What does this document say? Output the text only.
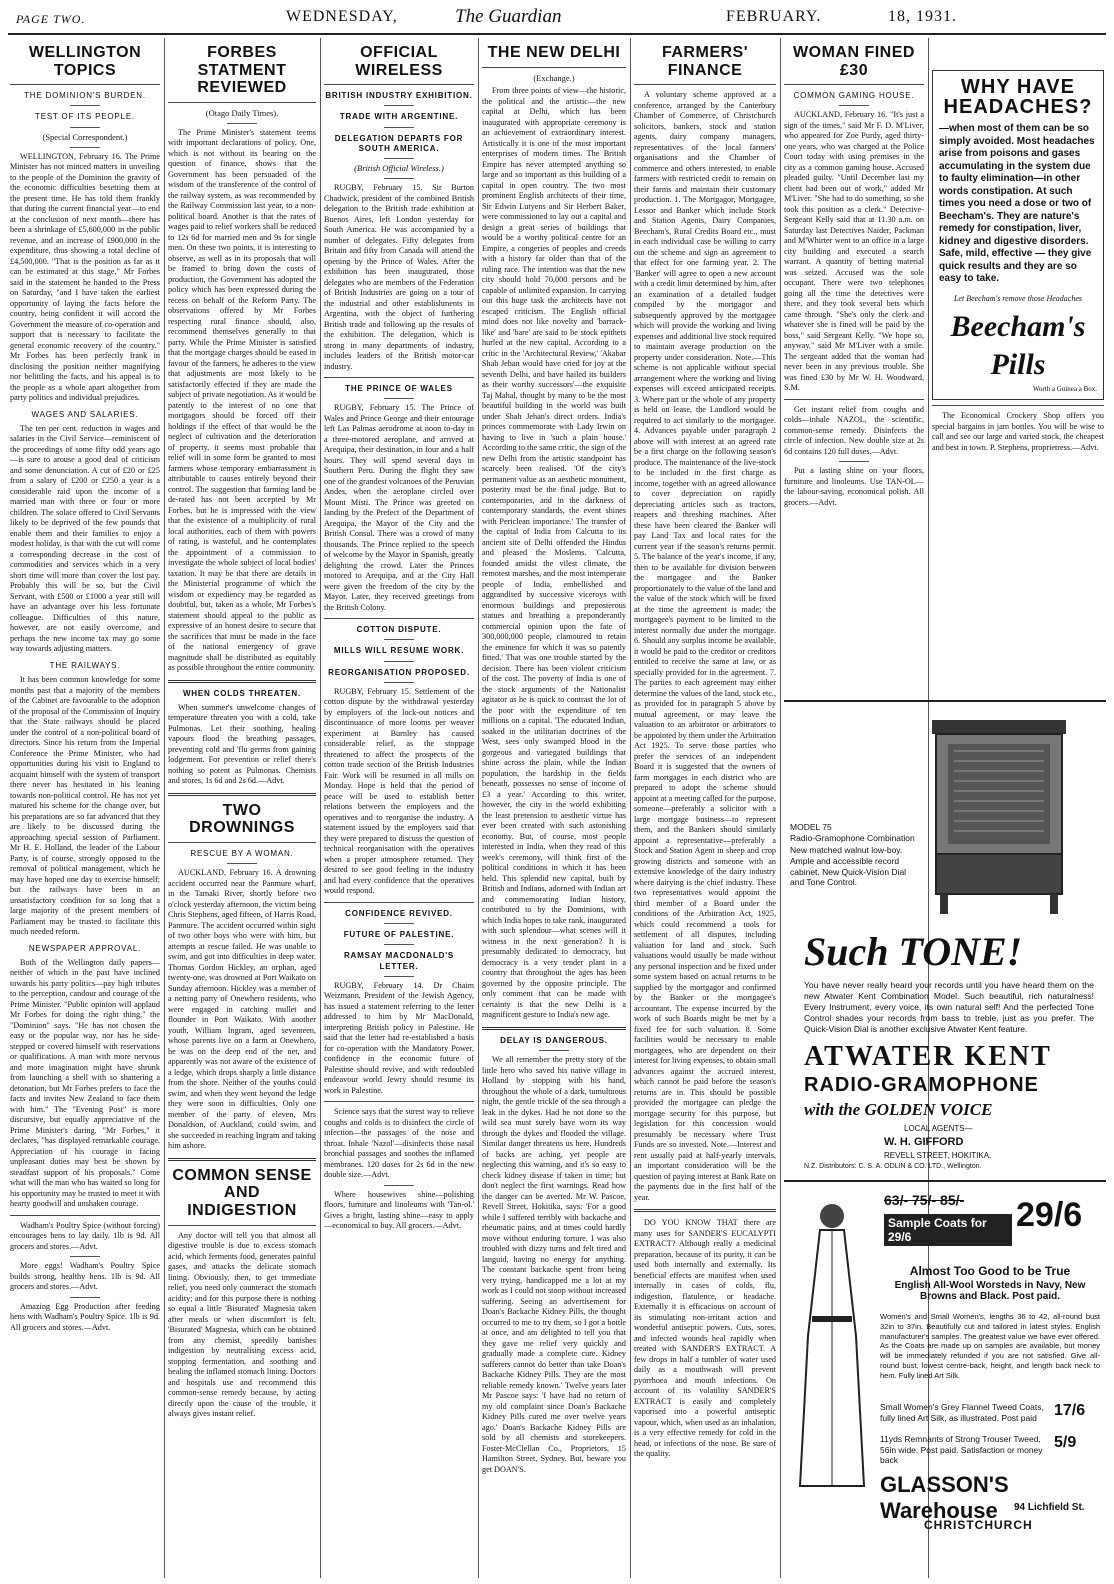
PAGE TWO.	WEDNESDAY,	The Guardian	FEBRUARY.	18, 1931.
WELLINGTON TOPICS
THE DOMINION'S BURDEN.
TEST OF ITS PEOPLE.
(Special Correspondent.)

WELLINGTON, February 16. The Prime Minister has not minced matters in unveiling to the people of the Dominion the gravity of the economic difficulties besetting them at the present time. He has told them frankly that during the current financial year—to end at the conclusion of next month—there has been a shrinkage of £5,600,000 in the public revenue, and an increase of £900,000 in the expenditure, thus showing a total decline of £4,500,000. "That is the position as far as it can be estimated at this stage," Mr Forbes said in the statement he handed to the Press on Saturday, "and I have taken the earliest opportunity of laying the facts before the country, being confident it will accord the Government the measure of co-operation and support that is necessary to facilitate the general economic recovery of the country." Mr Forbes has been perfectly frank in disclosing the position neither magnifying nor belittling the facts, and his appeal is to the people as a whole apart altogether from party politics and individual prejudices.

WAGES AND SALARIES.

The ten per cent. reduction in wages and salaries in the Civil Service—reminiscent of the proceedings of some fifty odd years ago—is sure to arouse a good deal of criticism and some denunciation. A cut of £20 or £25 from a salary of £200 or £250 a year is a considerable raid upon the income of a married man with three or four or more children. The solace offered to Civil Servants likely to be deprived of the few pounds that enable them and their families to enjoy a modest holiday, is that with the cut will come a corresponding decrease in the cost of commodities and services which in a very short time will more than cover the lost pay. Probably this will be so, but the Civil Servant, with £500 or £1000 a year still will have an advantage over his less fortunate colleague. Difficulties of this nature, however, are not easily overcome, and perhaps the new income tax may go some way towards adjusting matters.

THE RAILWAYS.

It has been common knowledge for some months past that a majority of the members of the Cabinet are favourable to the adoption of the proposal of the Commission of Inquiry that the State railways should be placed under the control of a non-political board of directors. Since his return from the Imperial Conference the Prime Minister, who had opportunities during his visit to England to acquaint himself with the system of transport there never has hesitated in his leaning towards non-political control. He has not yet matured his scheme for the change over, but his preparations are so far advanced that they are likely to be discussed during the approaching special session of Parliament. Mr H. E. Holland, the leader of the Labour Party, is of course, strongly opposed to the removal of political management, which he may have hoped one day to exercise himself; but the railways have been in an unsatisfactory condition for so long that a large majority of the present members of Parliament may be trusted to facilitate this much needed reform.

NEWSPAPER APPROVAL.

Both of the Wellington daily papers—neither of which in the past have inclined towards his party politics—pay high tributes to the perception, candour and courage of the Prime Minister. "Public opinion will applaud Mr Forbes for doing the right thing," the "Dominion" says. "He has not chosen the easy or the popular way, nor has he side-stepped or covered himself with reservations or qualifications. A man with more nervous and more imagination might have shrunk from launching a shell with so shattering a detonation, but Mr Forbes prefers to face the facts and invites New Zealand to face them with him." The "Evening Post" is more discursive, but equally appreciative of the Prime Minister's daring. "Mr Forbes," it declares, "has displayed remarkable courage. Appreciation of his courage in facing unpleasant duties may best be shown by steadfast support of his proposals." Come what will the man who has waited so long for his opportunity may be trusted to meet it with hearty goodwill and unshaken courage.

Wadham's Poultry Spice (without forcing) encourages hens to lay daily. 1lb is 9d. All grocers and stores.—Advt.

More eggs! Wadham's Poultry Spice builds strong, healthy hens. 1lb is 9d. All grocers and stores.—Advt.

Amazing Egg Production after feeding hens with Wadham's Poultry Spice. 1lb is 9d. All grocers and stores.—Advt.

FORBES STATMENT REVIEWED
(Otago Daily Times).

The Prime Minister's statement teems with important declarations of policy. One, which is not without its bearing on the question of finance, shows that the Government has been persuaded of the wisdom of the transference of the control of the railway system, as was recommended by the Railway Commission last year, to a non-political board. Another is that the rates of wages paid to relief workers shall be reduced to 12s 6d for married men and 9s for single men. On these two points, it is interesting to observe, as well as in its proposals that will be framed to bring down the costs of production, the Government has adopted the policy which has been expressed during the recess on behalf of the Reform Party. The observations offered by Mr Forbes respecting rural finance should, also, recommend themselves generally to that party. While the Prime Minister is satisfied that the mortgage charges should be eased in favour of the farmers, he adheres to the view that adjustments are most likely to be satisfactorily effected if they are made the subject of private negotiation. As it would be patently to the interest of no one that mortgagors should be forced off their holdings if the effect of that would be the neglect of cultivation and the deterioration of property, it seems most probable that relief will in some form be granted to most farmers whose temporary embarrassment is attributable to causes entirely beyond their control. The suggestion that farming land be de-rated has not been accepted by Mr Forbes, but he is impressed with the view that the existence of a multiplicity of rural local authorities, each of them with powers of rating, is wasteful, and he contemplates the appointment of a commission to investigate the whole subject of local bodies' taxation. It may be that there are details in the Ministerial programme of which the wisdom or expediency may be regarded as doubtful, but, taken as a whole, Mr Forbes's statement should appeal to the public as expressive of an honest desire to secure that the sacrifices that must be made in the face of the national emergency of grave magnitude shall be distributed as equitably as possible throughout the entire community.

WHEN COLDS THREATEN.

When summer's unwelcome changes of temperature threaten you with a cold, take Pulmonas. Let their soothing, healing vapours flood the breathing passages, preventing cold and 'flu germs from gaining lodgement. For prevention or relief there's nothing so potent as Pulmonas. Chemists and stores, 1s 6d and 2s 6d.—Advt.

TWO DROWNINGS
RESCUE BY A WOMAN.

AUCKLAND, February 16. A drowning accident occurred near the Panmure wharf, in the Tamaki River, shortly before two o'clock yesterday afternoon, the victim being Chris Stephens, aged fifteen, of Harris Road, Panmure. The accident occurred within sight of two other boys who were with him, but attempts at rescue failed. He was unable to swim, and got into difficulties in deep water. Thomas Gordon Hickley, an orphan, aged twenty-one, was drowned at Port Waikato on Sunday afternoon. Hickley was a member of a netting party of Onewhero residents, who were engaged in catching mullet and flounder in Port Waikato. With another youth, William Ingram, aged seventeen, whose parents live on a farm at Onewhero, he was on the deep end of the net, and apparently was not aware of the existence of a ledge, which drops sharply a little distance from the shore. Neither of the youths could swim, and when they went beyond the ledge they were soon in difficulties. Only one member of the party of eleven, Mrs Donaldson, of Auckland, could swim, and she succeeded in reaching Ingram and taking him ashore.

COMMON SENSE AND INDIGESTION

Any doctor will tell you that almost all digestive trouble is due to excess stomach acid, which ferments food, generates painful gases, and attacks the delicate stomach lining. Obviously, then, to get immediate relief, you need only counteract the stomach acidity; and for this purpose there is nothing so equal a little 'Bisurated' Magnesia taken after meals or when discomfort is felt. 'Bisurated' Magnesia, which can be obtained from any chemist, speedily banishes indigestion by neutralising excess acid, stopping fermentation, and soothing and healing the inflamed stomach lining. Doctors and hospitals use and recommend this common-sense remedy because, by acting directly upon the cause of the trouble, it always gives instant relief.

OFFICIAL WIRELESS
BRITISH INDUSTRY EXHIBITION.
TRADE WITH ARGENTINE.
DELEGATION DEPARTS FOR SOUTH AMERICA.
(British Official Wireless.)

RUGBY, February 15. Sir Burton Chadwick, president of the combined British delegation to the British trade exhibition at Buenos Aires, left London yesterday for South America. He was accompanied by a number of delegates. Fifty delegates from Britain and fifty from Canada will attend the opening by the Prince of Wales. After the exhibition has been inaugurated, those delegates who are members of the Federation of British Industries are going on a tour of the industrial and other establishments in Argentina, with the object of furthering British trade and following up the results of the exhibition. The delegation, which is strong in many departments of industry, includes leaders of the British motor-car industry.

THE PRINCE OF WALES

RUGBY, February 15. The Prince of Wales and Prince George and their entourage left Las Palmas aerodrome at noon to-day in a three-motored aeroplane, and arrived at Arequipa, their destination, in four and a half hours. They will spend several days in Southern Peru. During the flight they saw one of the grandest volcanoes of the Peruvian Andes, when the aeroplane circled over Mount Misti. The Prince was greeted on landing by the Prefect of the Department of Arequipa, the Mayor of the City and the British Consul. There was a crowd of many thousands. The Prince replied to the speech of welcome by the Mayor in Spanish, greatly delighting the crowd. Later the Princes motored to Arequipa, and at the City Hall were given the freedom of the city by the Mayor. Later, they received greetings from the British Colony.

COTTON DISPUTE.
MILLS WILL RESUME WORK.
REORGANISATION PROPOSED.

RUGBY, February 15. Settlement of the cotton dispute by the withdrawal yesterday by employers of the lock-out notices and discontinuance of more looms per weaver experiment at Burnley has caused considerable relief, as the stoppage threatened to affect the prospects of the cotton trade section of the British Industries Fair. Work will be resumed in all mills on Monday. Hope is held that the period of peace will be used to establish better relations between the employers and the operatives and to reorganise the industry. A statement issued by the employers said that they were prepared to discuss the question of technical reorganisation with the operatives when a proper atmosphere returned. They desired to see good feeling in the industry and had every confidence that the operatives would respond.

CONFIDENCE REVIVED.
FUTURE OF PALESTINE.
RAMSAY MACDONALD'S LETTER.

RUGBY, February 14. Dr Chaim Weizmann, President of the Jewish Agency, has issued a statement referring to the letter addressed to him by Mr MacDonald, interpreting British policy in Palestine. He said that the letter had re-established a basis for co-operation with the Mandatory Power, confidence in the economic future of Palestine should revive, and with redoubled endeavour world Jewry should resume its work in Palestine.

Science says that the surest way to relieve coughs and colds is to disinfect the circle of infection—the passages of the nose and throat. Inhale 'Nazol'—disinfects those nasal bronchial passages and soothes the inflamed membranes. 120 doses for 2s 6d in the new double size.—Advt.

Where housewives shine—polishing floors, furniture and linoleums with 'Tan-ol.' Gives a bright, lasting shine—easy to apply—economical to buy. All grocers.—Advt.

THE NEW DELHI
(Exchange.)

From three points of view—the historic, the political and the artistic—the new capital at Delhi, which has been inaugurated with appropriate ceremony is an achievement of extraordinary interest. Artistically it is one of the most important enterprises of modern times. The British Empire has never attempted anything so large and so important as this building of a capital in open country. The two most prominent English architects of their time, Sir Edwin Lutyens and Sir Herbert Baker, were commissioned to lay out a capital and design a great series of buildings that would be a worthy political centre for an Empire, a congeries of peoples and creeds with a history far older than that of the ruling race. The intention was that the new city should hold 70,000 persons and be capable of unlimited expansion. In carrying out this huge task the architects have not escaped criticism. The English official mind does not like novelty and 'barrack-like' and 'bare' are said to be stock epithets hurled at the new capital. According to a critic in the 'Architectural Review,' 'Akabar Shah Jehan would have cried for joy at the seventh Delhi, and have hailed its builders as their worthy successors'—the exquisite Taj Mahal, thought by many to be the most beautiful building in the world was built under Shah Jehan's direct orders. India's princes commemorate with Lady Irwin on having to live in 'such a plain house.' According to the same critic, the sign of the new Delhi from the artistic standpoint has scarcely been realised. 'Of the city's permanent value as an aesthetic monument, posterity must be the final judge. But to contemporaries, and in the darkness of contemporary standards, the event shines with Periclean importance.' The transfer of the capital of India from Calcutta to its ancient site of Delhi offended the Hindus and pleased the Moslems. 'Calcutta, founded amidst the vilest climate, the remotest marshes, and the most intemperate people of India, embellished and aggrandised by successive viceroys with enormous buildings and preposterous statues and breathing a preponderantly commercial opinion upon the fate of 300,000,000 people, clamoured to retain the eminence for which it was so patently fitted.' That was one trouble started by the decision. There has been violent criticism of the cost. The poverty of India is one of the stock arguments of the Nationalist agitator as he is quick to contrast the lot of the poor with the expenditure of ten millions on a capital. 'The educated Indian, soaked in the utilitarian doctrines of the West, sees only swamped blood in the gorgeous and variegated buildings that shine across the plain, while the Indian population, the hardship in the fields beneath, possesses no sense of income of £3 a year.' According to this writer, however, the city in the world exhibiting the least pretension to aesthetic virtue has ever been created with such astonishing economy. But, of course, most people interested in India, when they read of this week's ceremony, will think first of the political conditions in which it has been held. This splendid new capital, built by British and Indians, adorned with Indian art and commemorating Indian history, contributed to by the Dominions, with which India hopes to take rank, inaugurated with such splendour—what scenes will it witness in the next generation? It is presumably dedicated to democracy, but democracy is a very tender plant in a country that throughout the ages has been governed by the opposite principle. The only comment that can be made with certainty is that the new Delhi is a magnificent gesture to India's new age.

DELAY IS DANGEROUS.

We all remember the pretty story of the little hero who saved his native village in Holland by stopping with his hand, throughout the whole of a dark, tumultuous night, the gentle trickle of the sea through a leak in the dykes. Had he not done so the wild sea must surely have worn its way through the dykes and flooded the village. Similar danger threatens us here. Hundreds of backs are aching, yet people are neglecting this warning, and it's so easy to check kidney disease if taken in time; but don't neglect the first warnings. Read how the danger can be averted. Mr W. Pascoe, Revell Street, Hokitika, says: 'For a good while I suffered terribly with backache and rheumatic pains, and at times could hardly move without enduring torture. I was also troubled with dizzy turns and felt tired and languid, having no energy for anything. The constant backache spent from being very trying, handicapped me a lot at my work as I could not stoop without increased suffering. Seeing an advertisement for Doan's Backache Kidney Pills, the thought occurred to me to try them, so I got a bottle at once, and am delighted to tell you that they gave me relief very quickly and gradually made a complete cure. Kidney sufferers cannot do better than take Doan's Backache Kidney Pills. They are the most reliable remedy known.' Twelve years later Mr Pascoe says: 'I have had no return of my old complaint since Doan's Backache Kidney Pills cured me over twelve years ago.' Doan's Backache Kidney Pills are sold by all chemists and storekeepers. Foster-McClellan Co., Proprietors, 15 Hamilton Street, Sydney. But, beware you get DOAN'S.

FARMERS' FINANCE

A voluntary scheme approved at a conference, arranged by the Canterbury Chamber of Commerce, of Christchurch solicitors, bankers, stock and station agents, dairy company managers, representatives of the local farmers' organisations and the Chamber of commerce and others interested, to enable farmers with restricted credit to remain on their farms and maintain their customary production. 1. The Mortgagor, Mortgagee, Lessor and Banker which include Stock and Station Agents, Dairy Companies, Beecham's, Rural Credits Board etc., must in each individual case be willing to carry out the scheme and sign an agreement to that effect for one farming year. 2. The 'Banker' will agree to open a new account with a credit limit determined by him, after an examination of a detailed budget compiled by the mortgagor and subsequently approved by the mortgagee which will provide the working and living expenses and additional live stock required to maintain average production on the property under consideration. Note.—This scheme is not applicable without special arrangement where the working and living expenses will exceed anticipated receipts. 3. Where part or the whole of any property is held on lease, the Landlord would be required to act similarly to the mortgagee. 4. Advances payable under paragraph 2 above will with interest at an agreed rate be a first charge on the following season's produce. The maintenance of the live-stock to be included in the first charge as income, together with an agreed allowance to cover depreciation on rapidly depreciating articles such as tractors, reapers and threshing machines. After these have been cleared the Banker will pay Land Tax and local rates for the current year if the season's returns permit. 5. The balance of the year's income, if any, then to be available for division between the mortgagee and the Banker proportionately to the value of the land and the value of the stock which will be fixed at the time the agreement is made; the mortgagee's payment to be limited to the interest normally due under the mortgage. 6. Should any surplus income be available, it would be paid to the creditor or creditors entitled to receive the same at law, or as specially provided for in the agreement. 7. The parties to each agreement may either determine the values of the land, stock etc., as provided for in paragraph 5 above by mutual agreement, or may leave the valuation to an arbitrator or arbitrators to be appointed by them under the Arbitration Act 1925. To serve those parties who prefer the services of an independent Board it is suggested that the owners of farm mortgages in each district who are prepared to adopt the scheme should appoint at a meeting called for the purpose, someone—preferably a solicitor with a large mortgage business—to represent them, and the Bankers should similarly appoint a representative—preferably a Stock and Station Agent in sheep and crop growing districts and someone with an extensive knowledge of the dairy industry where dairying is the chief industry. These two representatives would appoint the third member of a Board under the conditions of the Arbitration Act, 1925, which could recommend a tools for settlement of all disputes, including valuation for land and stock. Such valuations would usually be made without any personal inspection and be fixed under some system based on actual returns to be supplied by the mortgagor and confirmed by the Banker or the mortgagee's accountant. The expense incurred by the work of such Boards might be met by a fixed fee for such valuation. 8. Some facilities would be necessary to enable mortgagees, who are dependent on their interest for living expenses, to obtain small advances against the accrued interest, which cannot be paid before the season's returns are in. This should be possible provided the mortgagee can pledge the mortgage security for this purpose, but legislation for this concession would presumably be necessary where Trust Funds are so invested. Note.—Interest and rent usually paid at half-yearly intervals, an important consideration will be the question of paying interest at Bank Rate on the payments due in the first half of the year.

DO YOU KNOW THAT there are many uses for SANDER'S EUCALYPTI EXTRACT? Although really a medicinal preparation, because of its purity, it can be used both internally and externally. Its beneficial effects are manifest when used internally in cases of colds, flu, indigestion, flatulence, or headache. Externally it is efficacious on account of its stimulating non-irritant action and wonderful antiseptic powers. Cuts, sores, and infected wounds heal rapidly when treated with SANDER'S EXTRACT. A few drops in half a tumbler of water used daily as a mouthwash will prevent pyorrhoea and mouth infections. On account of its volatility SANDER'S EXTRACT is easily and completely vaporised into a powerful antiseptic vapour, which, when used as an inhalation, is a very effective remedy for cold in the head, or infections of the nose. Be sure of the quality.

WOMAN FINED £30
COMMON GAMING HOUSE.

AUCKLAND, February 16. "It's just a sign of the times," said Mr F. D. M'Liver, who appeared for Zoe Purdy, aged thirty-one years, who was charged at the Police Court today with using premises in the city as a common gaming house. Accused pleaded guilty. "Until December last my client had been out of work," added Mr M'Liver. "She had to do something, so she took this position as a clerk." Detective-Sergeant Kelly said that at 11.30 a.m. on Saturday last Detectives Naider, Packman and M'Whirter went to an office in a large city building and executed a search warrant. A quantity of betting material was seized. Accused was the sole occupant. There were two telephones going all the time the detectives were there, and they took several bets which came through. "She's only the clerk and whatever she is fined will be paid by the boss," said Sergeant Kelly. "We hope so, anyway," said Mr M'Liver with a smile. The sergeant added that the woman had never been in any previous trouble. She was fined £30 by Mr W. H. Woodward, S.M.

Get instant relief from coughs and colds—inhale NAZOL, the scientific, common-sense remedy. Disinfects the circle of infection. New double size at 2s 6d contains 120 full doses.—Advt.

Put a lasting shine on your floors, furniture and linoleums. Use TAN-OL—the labour-saving, economical polish. All grocers.—Advt.

WHY HAVE
HEADACHES?
—when most of them can be so simply avoided. Most headaches arise from poisons and gases accumulating in the system due to faulty elimination—in other words constipation. At such times you need a dose or two of Beecham's. They are nature's remedy for constipation, liver, kidney and digestive disorders. Safe, mild, effective — they give quick results and they are so easy to take.
Let Beecham's remove those Headaches
Beecham's Pills
Worth a Guinea a Box.

The Economical Crockery Shop offers you special bargains in jam bottles. You will be wise to call and see our large and varied stock, the cheapest and best in town. P. Stephens, proprietress.—Advt.

MODEL 75
Radio-Gramophone Combination
New matched walnut low-boy. Ample and accessible record cabinet. New Quick-Vision Dial and Tone Control.
Such TONE!
You have never really heard your records until you have heard them on the new Atwater Kent Combination Model. Such beautiful, rich naturalness! Every Instrument, every voice, its own natural self! And the perfected Tone Control shades your records from bass to treble, just as you prefer. The Quick-Vision Dial is another exclusive Atwater Kent feature.
ATWATER KENT
RADIO-GRAMOPHONE
with the GOLDEN VOICE
LOCAL AGENTS—
W. H. GIFFORD
REVELL STREET, HOKITIKA.
N.Z. Distributors: C. S. A. ODLIN & CO. LTD., Wellington.
63/- 75/- 85/-
Sample Coats for 29/6
29/6
Almost Too Good to be True
English All-Wool Worsteds in Navy, New Browns and Black. Post paid.
Women's and Small Women's, lengths 36 to 42, all-round bust 32in to 37in. Beautifully cut and tailored in latest styles. English manufacturer's samples. The greatest value we have ever offered. As the Coats are made up on samples are available, but money will be immediately refunded if you are not satisfied. Give all-round bust, lowest centre-back, height, and length back neck to hem. Fully lined Art Silk.
Small Women's Grey Flannel Tweed Coats, fully lined Art Silk, as illustrated. Post paid	17/6
11yds Remnants of Strong Trouser Tweed, 56in wide. Post paid. Satisfaction or money back
5/9
GLASSON'S Warehouse	94 Lichfield St.
CHRISTCHURCH
